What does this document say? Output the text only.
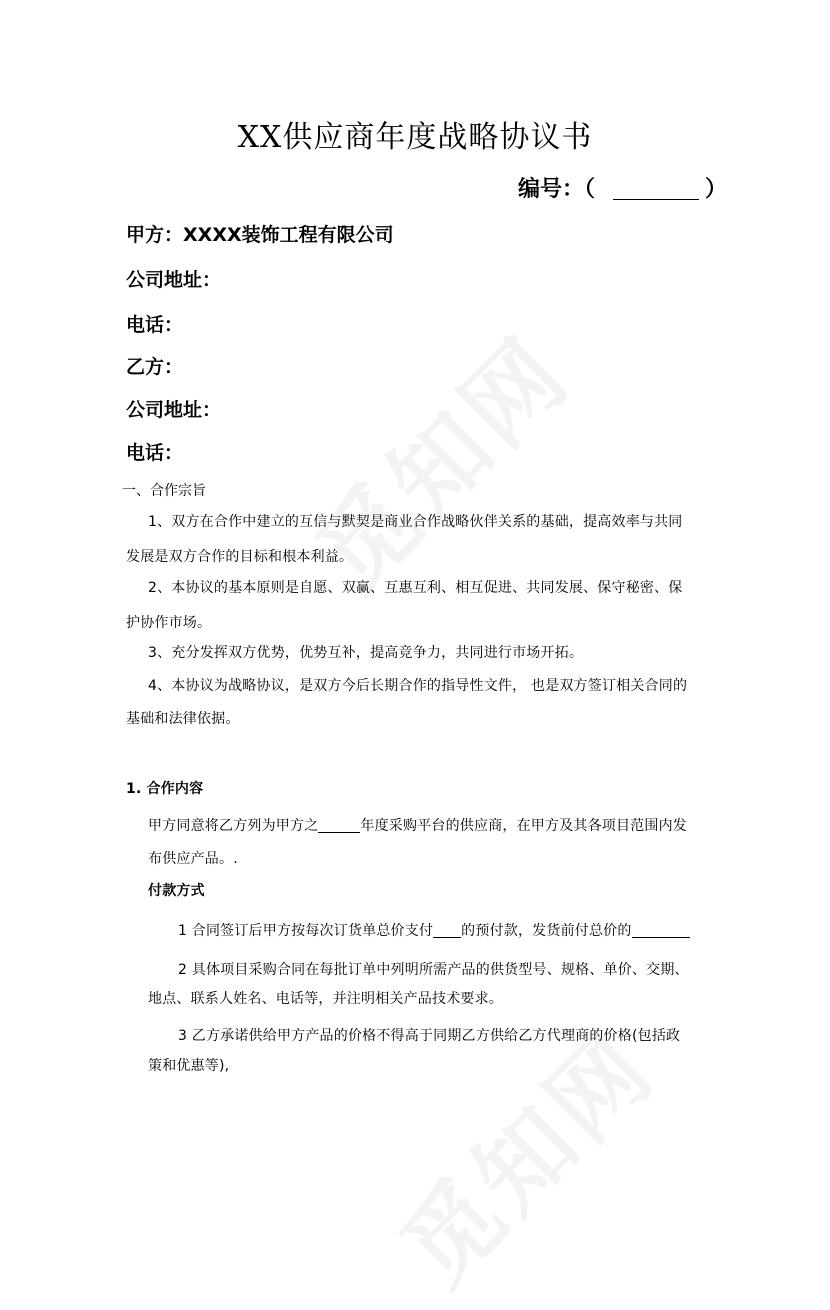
XX供应商年度战略协议书
编号：（	）
甲方：XXXX装饰工程有限公司
公司地址：
电话：
乙方：
公司地址：
电话：
一、合作宗旨
1、双方在合作中建立的互信与默契是商业合作战略伙伴关系的基础，提高效率与共同
发展是双方合作的目标和根本利益。
2、本协议的基本原则是自愿、双赢、互惠互利、相互促进、共同发展、保守秘密、保
护协作市场。
3、充分发挥双方优势，优势互补，提高竞争力，共同进行市场开拓。
4、本协议为战略协议，是双方今后长期合作的指导性文件， 也是双方签订相关合同的
基础和法律依据。
1. 合作内容
甲方同意将乙方列为甲方之	年度采购平台的供应商，在甲方及其各项目范围内发
布供应产品。.
付款方式
1 合同签订后甲方按每次订货单总价支付 的预付款，发货前付总价的
2 具体项目采购合同在每批订单中列明所需产品的供货型号、规格、单价、交期、
地点、联系人姓名、电话等，并注明相关产品技术要求。
3 乙方承诺供给甲方产品的价格不得高于同期乙方供给乙方代理商的价格(包括政
策和优惠等),
